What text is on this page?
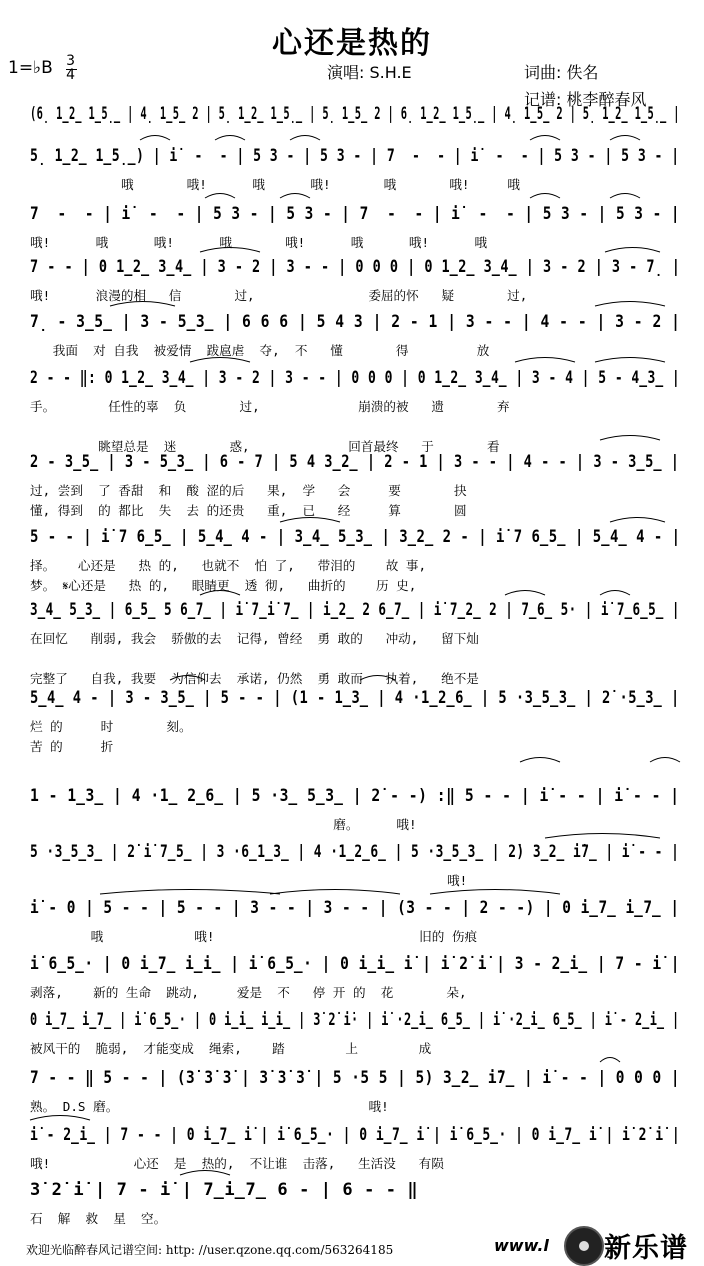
心还是热的
1=♭B $\frac{3}{4}$	演唱: S.H.E	词曲: 佚名
记谱: 桃李醉春风
(6̣ 1̲2̲ 1̲5̣̲ | 4̣ 1̲5̲ 2 | 5̣ 1̲2̲ 1̲5̣̲ | 5̣ 1̲5̲ 2 | 6̣ 1̲2̲ 1̲5̣̲ | 4̣ 1̲5̲ 2 | 5̣ 1̲2̲ 1̲5̣̲ |
5̣ 1̲2̲ 1̲5̣̲) | i̇  -  - | 5 3 - | 5 3 - | 7  -  - | i̇  -  - | 5 3 - | 5 3 - |
哦       哦!      哦      哦!       哦       哦!     哦
7  -  - | i̇  -  - | 5 3 - | 5 3 - | 7  -  - | i̇  -  - | 5 3 - | 5 3 - |
哦!      哦      哦!      哦       哦!      哦      哦!      哦
7 - - | 0 1̲2̲ 3̲4̲ | 3 - 2 | 3 - - | 0 0 0 | 0 1̲2̲ 3̲4̲ | 3 - 2 | 3 - 7̣ |
哦!      浪漫的相   信       过,               委屈的怀   疑       过,
7̣ - 3̲5̲ | 3 - 5̲3̲ | 6 6 6 | 5 4 3 | 2 - 1 | 3 - - | 4 - - | 3 - 2 |
我面  对 自我  被爱情  跋扈虐  夺,  不   懂       得         放
2 - - ‖: 0 1̲2̲ 3̲4̲ | 3 - 2 | 3 - - | 0 0 0 | 0 1̲2̲ 3̲4̲ | 3 - 4 | 5 - 4̲3̲ |
手。       任性的辜  负       过,             崩溃的被   遗       弃
眺望总是  迷       惑,             回首最终   于       看
2 - 3̲5̲ | 3 - 5̲3̲ | 6 - 7 | 5 4 3̲2̲ | 2 - 1 | 3 - - | 4 - - | 3 - 3̲5̲ |
过, 尝到  了 香甜  和  酸 涩的后   果,  学   会     要       抉
懂, 得到  的 都比  失  去 的还贵   重,  已   经     算       圆
5 - - | i̇ 7 6̲5̲ | 5̲4̲ 4 - | 3̲4̲ 5̲3̲ | 3̲2̲ 2 - | i̇ 7 6̲5̲ | 5̲4̲ 4 - |
择。   心还是   热 的,   也就不  怕 了,   带泪的    故 事,
梦。 𝄋心还是   热 的,   眼睛更  透 彻,   曲折的    历 史,
3̲4̲ 5̲3̲ | 6̲5̲ 5 6̲7̲ | i̇ 7̲i̇ 7̲ | i̲2̲ 2 6̲7̲ | i̇ 7̲2̲ 2 | 7̲6̲ 5· | i̇ 7̲6̲5̲ |
在回忆   削弱, 我会  骄傲的去  记得, 曾经  勇 敢的   冲动,   留下灿
完整了   自我, 我要  为信仰去  承诺, 仍然  勇 敢而   执着,   绝不是
5̲4̲ 4 - | 3 - 3̲5̲ | 5 - - | (1 - 1̲3̲ | 4 ·1̲2̲6̲ | 5 ·3̲5̲3̲ | 2̇ ·5̲3̲ |
烂 的     时       刻。
苦 的     折
1 - 1̲3̲ | 4 ·1̲ 2̲6̲ | 5 ·3̲ 5̲3̲ | 2̇ - -) :‖ 5 - - | i̇ - - | i̇ - - |
磨。     哦!
5 ·3̲5̲3̲ | 2̇ i̇ 7̲5̲ | 3 ·6̲1̲3̲ | 4 ·1̲2̲6̲ | 5 ·3̲5̲3̲ | 2̇) 3̲2̲ i̇7̲ | i̇ - - |
哦!
i̇ - 0 | 5 - - | 5 - - | 3 - - | 3 - - | (3 - - | 2 - -) | 0 i̲7̲ i̲7̲ |
哦            哦!                           旧的 伤痕
i̇ 6̲5̲· | 0 i̲7̲ i̲i̲ | i̇ 6̲5̲· | 0 i̲i̲ i̇ | i̇ 2̇ i̇ | 3 - 2̲i̲ | 7 - i̇ |
剥落,    新的 生命  跳动,     爱是  不   停 开 的  花       朵,
0 i̲7̲ i̲7̲ | i̇ 6̲5̲· | 0 i̲i̲ i̲i̲ | 3̇ 2̇ i̇· | i̇ ·2̲i̲ 6̲5̲ | i̇ ·2̲i̲ 6̲5̲ | i̇ - 2̲i̲ |
被风干的  脆弱,  才能变成  绳索,    踏        上        成
7 - - ‖ 5 - - | (3̇ 3̇ 3̇ | 3̇ 3̇ 3̇ | 5 ·5 5 | 5) 3̲2̲ i̇7̲ | i̇ - - | 0 0 0 |
熟。 D.S 磨。                                 哦!
i̇ - 2̲i̲ | 7 - - | 0 i̲7̲ i̇ | i̇ 6̲5̲· | 0 i̲7̲ i̇ | i̇ 6̲5̲· | 0 i̲7̲ i̇ | i̇ 2̇ i̇ |
哦!           心还  是  热的,  不让谁  击落,   生活没   有陨
3̇ 2̇ i̇ | 7 - i̇ | 7̲i̲7̲ 6 - | 6 - - ‖
石  解  救  星  空。
欢迎光临醉春风记谱空间: http: //user.qzone.qq.com/563264185	www.l 新乐谱
